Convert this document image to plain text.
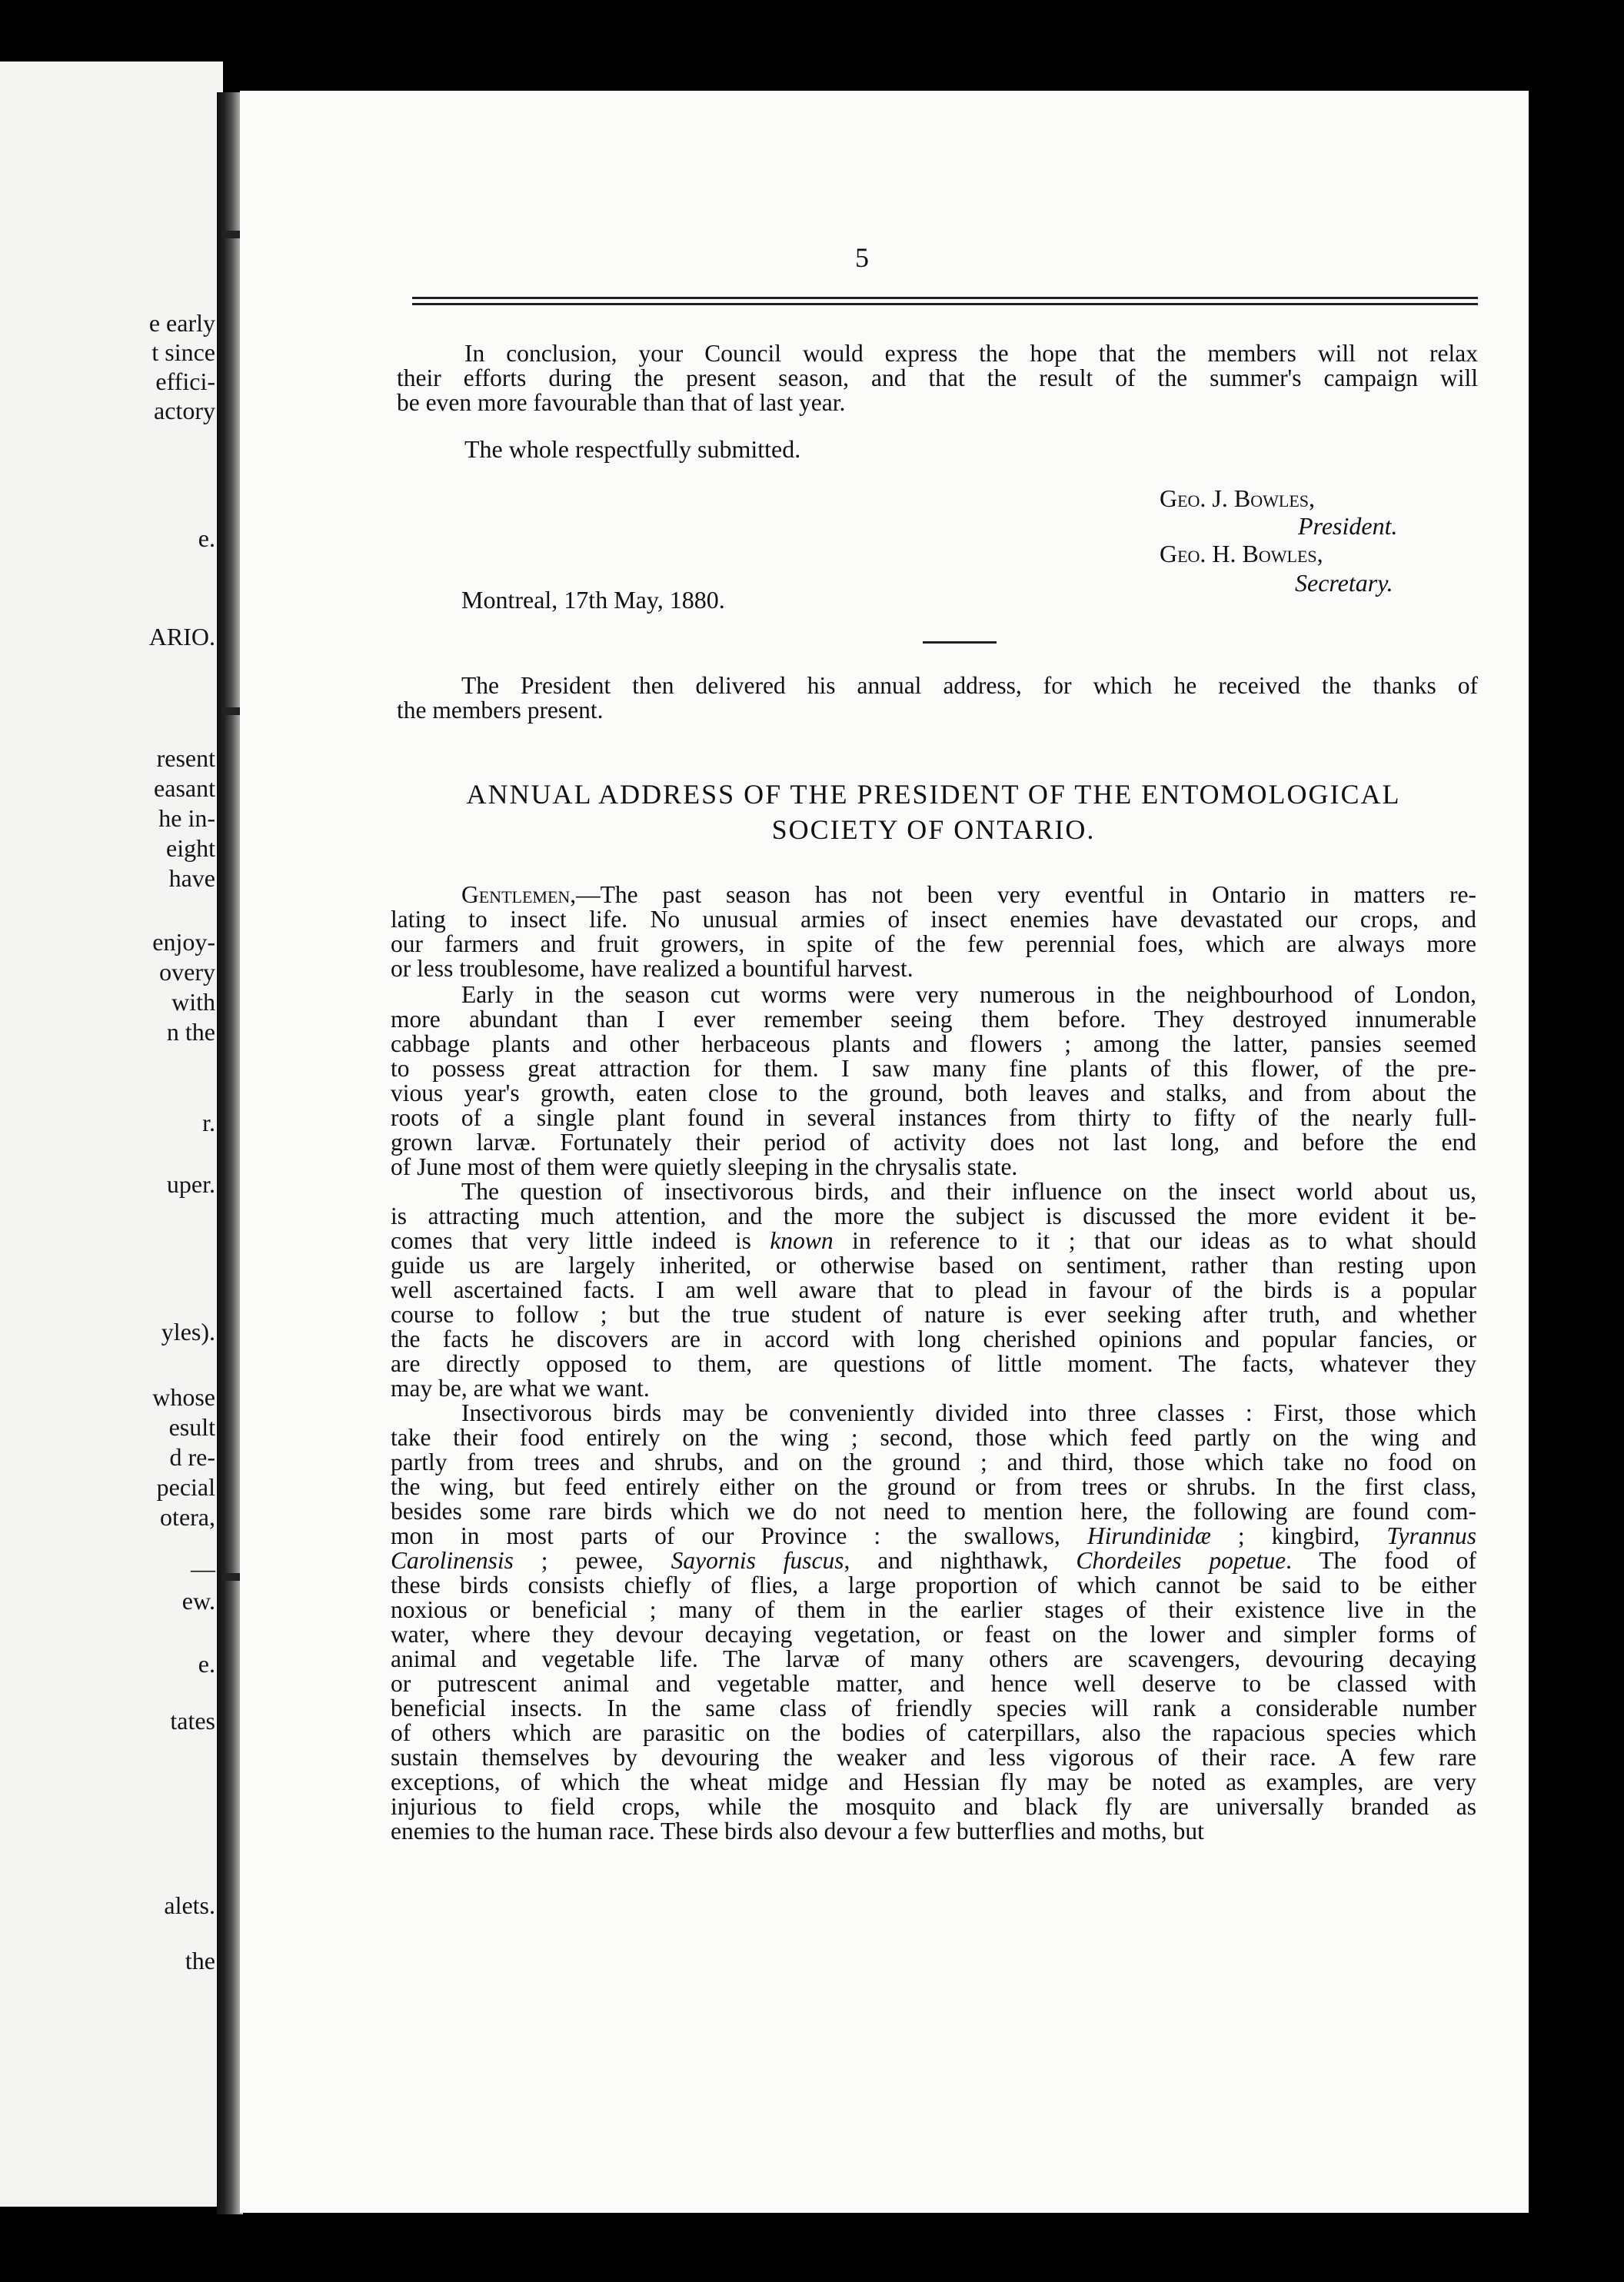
e early
t since
effici-
actory
e.
ARIO.
resent
easant
he in-
eight
have
enjoy-
overy
with
n the
r.
uper.
yles).
whose
esult
d re-
pecial
otera,
—
ew.
e.
tates
alets.
the
5
In conclusion, your Council would express the hope that the members will not relax
their efforts during the present season, and that the result of the summer's campaign will
be even more favourable than that of last year.
The whole respectfully submitted.
Geo. J. Bowles,
President.
Geo. H. Bowles,
Secretary.
Montreal, 17th May, 1880.
The President then delivered his annual address, for which he received the thanks of
the members present.
ANNUAL ADDRESS OF THE PRESIDENT OF THE ENTOMOLOGICAL
SOCIETY OF ONTARIO.
Gentlemen,—The past season has not been very eventful in Ontario in matters re-
lating to insect life. No unusual armies of insect enemies have devastated our crops, and
our farmers and fruit growers, in spite of the few perennial foes, which are always more
or less troublesome, have realized a bountiful harvest.
Early in the season cut worms were very numerous in the neighbourhood of London,
more abundant than I ever remember seeing them before. They destroyed innumerable
cabbage plants and other herbaceous plants and flowers ; among the latter, pansies seemed
to possess great attraction for them. I saw many fine plants of this flower, of the pre-
vious year's growth, eaten close to the ground, both leaves and stalks, and from about the
roots of a single plant found in several instances from thirty to fifty of the nearly full-
grown larvæ. Fortunately their period of activity does not last long, and before the end
of June most of them were quietly sleeping in the chrysalis state.
The question of insectivorous birds, and their influence on the insect world about us,
is attracting much attention, and the more the subject is discussed the more evident it be-
comes that very little indeed is known in reference to it ; that our ideas as to what should
guide us are largely inherited, or otherwise based on sentiment, rather than resting upon
well ascertained facts. I am well aware that to plead in favour of the birds is a popular
course to follow ; but the true student of nature is ever seeking after truth, and whether
the facts he discovers are in accord with long cherished opinions and popular fancies, or
are directly opposed to them, are questions of little moment. The facts, whatever they
may be, are what we want.
Insectivorous birds may be conveniently divided into three classes : First, those which
take their food entirely on the wing ; second, those which feed partly on the wing and
partly from trees and shrubs, and on the ground ; and third, those which take no food on
the wing, but feed entirely either on the ground or from trees or shrubs. In the first class,
besides some rare birds which we do not need to mention here, the following are found com-
mon in most parts of our Province : the swallows, Hirundinidæ ; kingbird, Tyrannus
Carolinensis ; pewee, Sayornis fuscus, and nighthawk, Chordeiles popetue. The food of
these birds consists chiefly of flies, a large proportion of which cannot be said to be either
noxious or beneficial ; many of them in the earlier stages of their existence live in the
water, where they devour decaying vegetation, or feast on the lower and simpler forms of
animal and vegetable life. The larvæ of many others are scavengers, devouring decaying
or putrescent animal and vegetable matter, and hence well deserve to be classed with
beneficial insects. In the same class of friendly species will rank a considerable number
of others which are parasitic on the bodies of caterpillars, also the rapacious species which
sustain themselves by devouring the weaker and less vigorous of their race. A few rare
exceptions, of which the wheat midge and Hessian fly may be noted as examples, are very
injurious to field crops, while the mosquito and black fly are universally branded as
enemies to the human race. These birds also devour a few butterflies and moths, but
